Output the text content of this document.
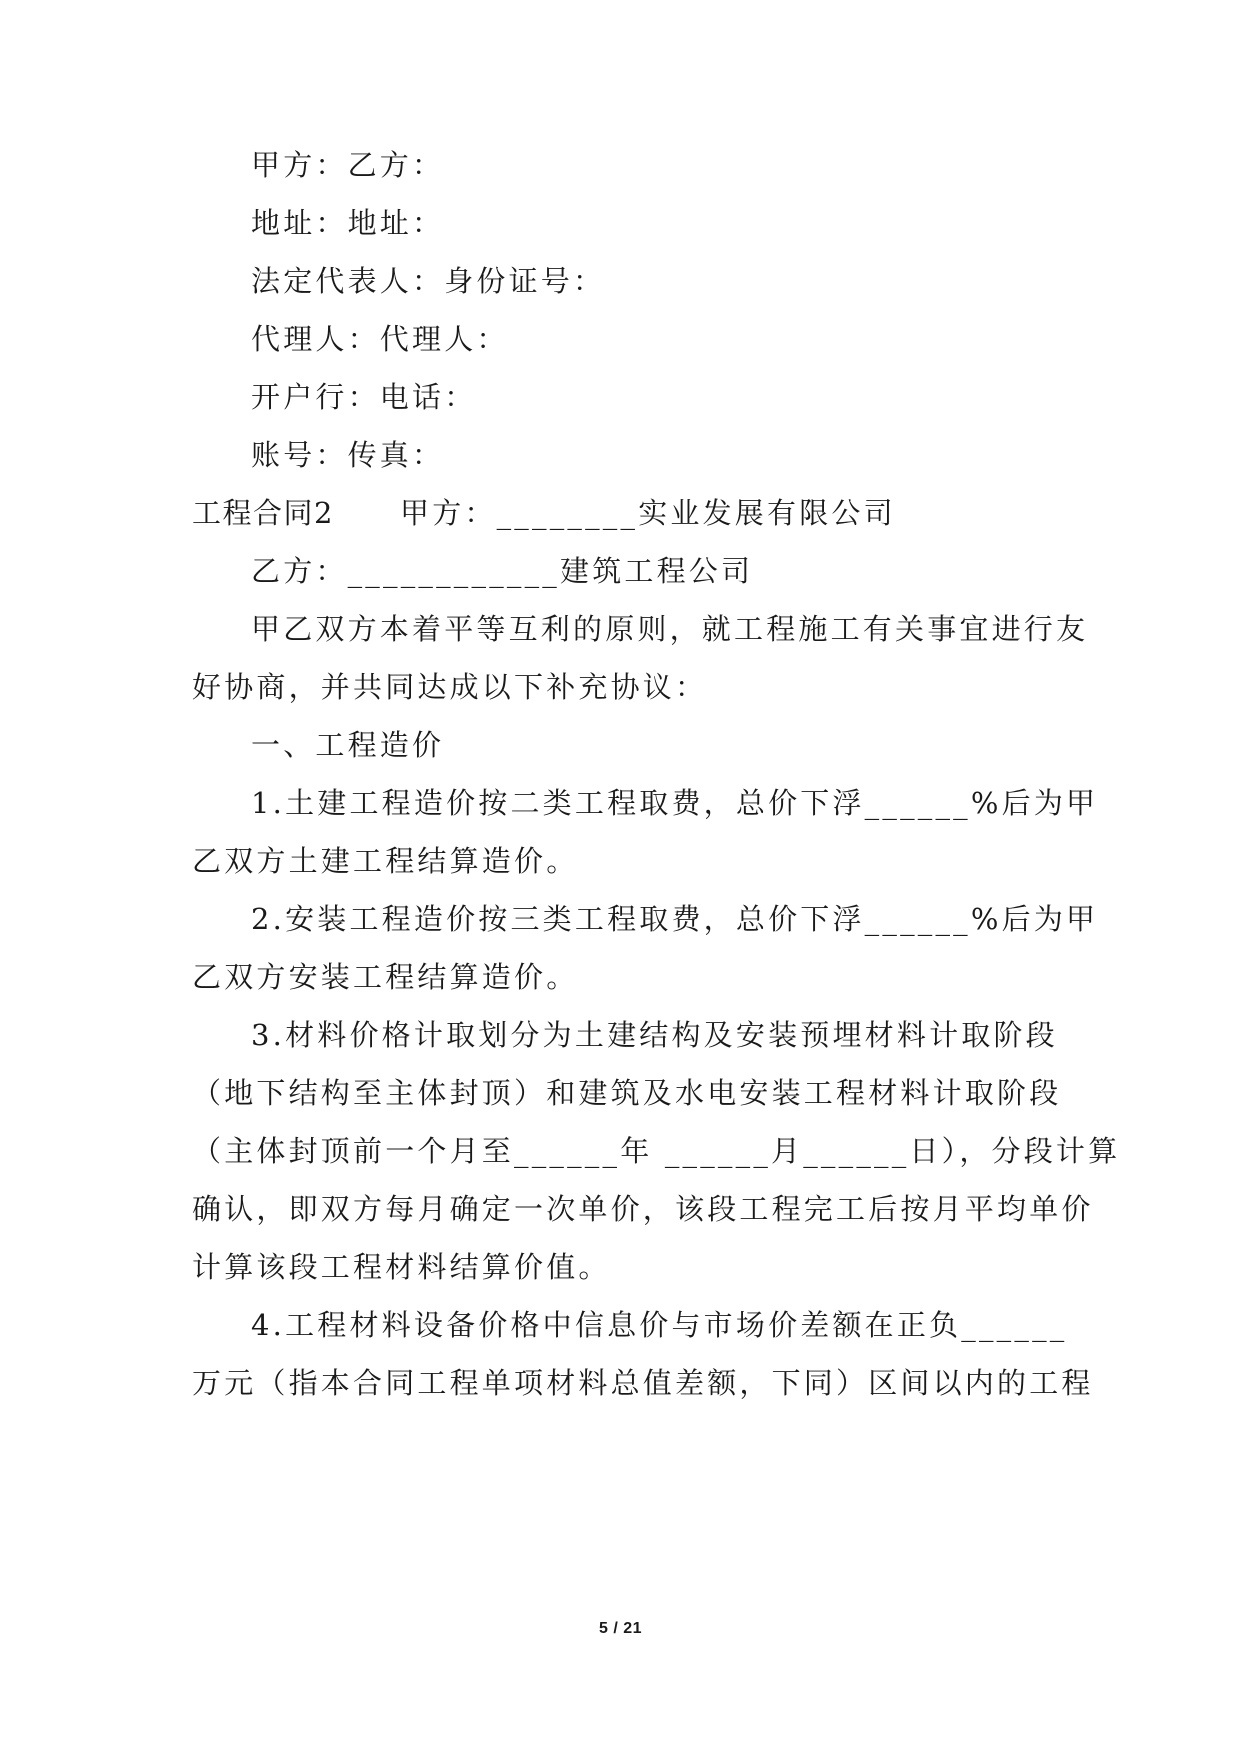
甲方：乙方：
地址：地址：
法定代表人：身份证号：
代理人：代理人：
开户行：电话：
账号：传真：
工程合同2 甲方：________实业发展有限公司
乙方：____________建筑工程公司
甲乙双方本着平等互利的原则，就工程施工有关事宜进行友
好协商，并共同达成以下补充协议：
一、工程造价
1.土建工程造价按二类工程取费，总价下浮______%后为甲
乙双方土建工程结算造价。
2.安装工程造价按三类工程取费，总价下浮______%后为甲
乙双方安装工程结算造价。
3.材料价格计取划分为土建结构及安装预埋材料计取阶段
（地下结构至主体封顶）和建筑及水电安装工程材料计取阶段
（主体封顶前一个月至______年 ______月______日），分段计算
确认，即双方每月确定一次单价，该段工程完工后按月平均单价
计算该段工程材料结算价值。
4.工程材料设备价格中信息价与市场价差额在正负______
万元（指本合同工程单项材料总值差额，下同）区间以内的工程
5 / 21
